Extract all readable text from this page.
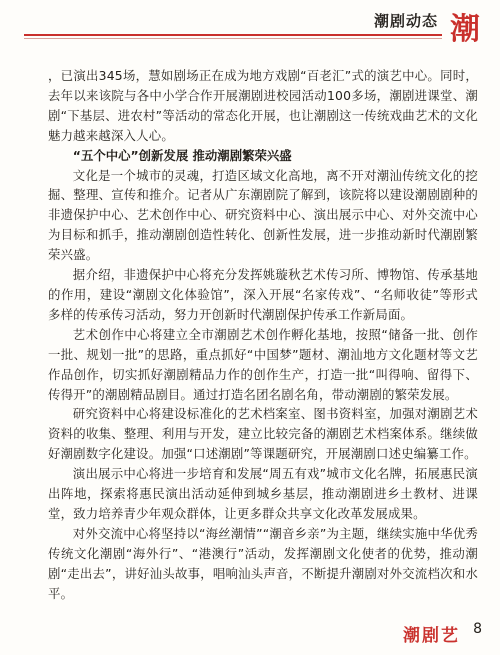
潮剧动态 潮

，已演出345场，慧如剧场正在成为地方戏剧“百老汇”式的演艺中心。同时，去年以来该院与各中小学合作开展潮剧进校园活动100多场，潮剧进课堂、潮剧“下基层、进农村”等活动的常态化开展，也让潮剧这一传统戏曲艺术的文化魅力越来越深入人心。

“五个中心”创新发展 推动潮剧繁荣兴盛

文化是一个城市的灵魂，打造区域文化高地，离不开对潮汕传统文化的挖掘、整理、宣传和推介。记者从广东潮剧院了解到，该院将以建设潮剧剧种的非遗保护中心、艺术创作中心、研究资料中心、演出展示中心、对外交流中心为目标和抓手，推动潮剧创造性转化、创新性发展，进一步推动新时代潮剧繁荣兴盛。

据介绍，非遗保护中心将充分发挥姚璇秋艺术传习所、博物馆、传承基地的作用，建设“潮剧文化体验馆”，深入开展“名家传戏”、“名师收徒”等形式多样的传承传习活动，努力开创新时代潮剧保护传承工作新局面。

艺术创作中心将建立全市潮剧艺术创作孵化基地，按照“储备一批、创作一批、规划一批”的思路，重点抓好“中国梦”题材、潮汕地方文化题材等文艺作品创作，切实抓好潮剧精品力作的创作生产，打造一批“叫得响、留得下、传得开”的潮剧精品剧目。通过打造名团名剧名角，带动潮剧的繁荣发展。

研究资料中心将建设标准化的艺术档案室、图书资料室，加强对潮剧艺术资料的收集、整理、利用与开发，建立比较完备的潮剧艺术档案体系。继续做好潮剧数字化建设。加强“口述潮剧”等课题研究，开展潮剧口述史编纂工作。

演出展示中心将进一步培育和发展“周五有戏”城市文化名牌，拓展惠民演出阵地，探索将惠民演出活动延伸到城乡基层，推动潮剧进乡土教材、进课堂，致力培养青少年观众群体，让更多群众共享文化改革发展成果。

对外交流中心将坚持以“海丝潮情”“潮音乡亲”为主题，继续实施中华优秀传统文化潮剧“海外行”、“港澳行”活动，发挥潮剧文化使者的优势，推动潮剧“走出去”，讲好汕头故事，唱响汕头声音，不断提升潮剧对外交流档次和水平。

潮剧艺 8
